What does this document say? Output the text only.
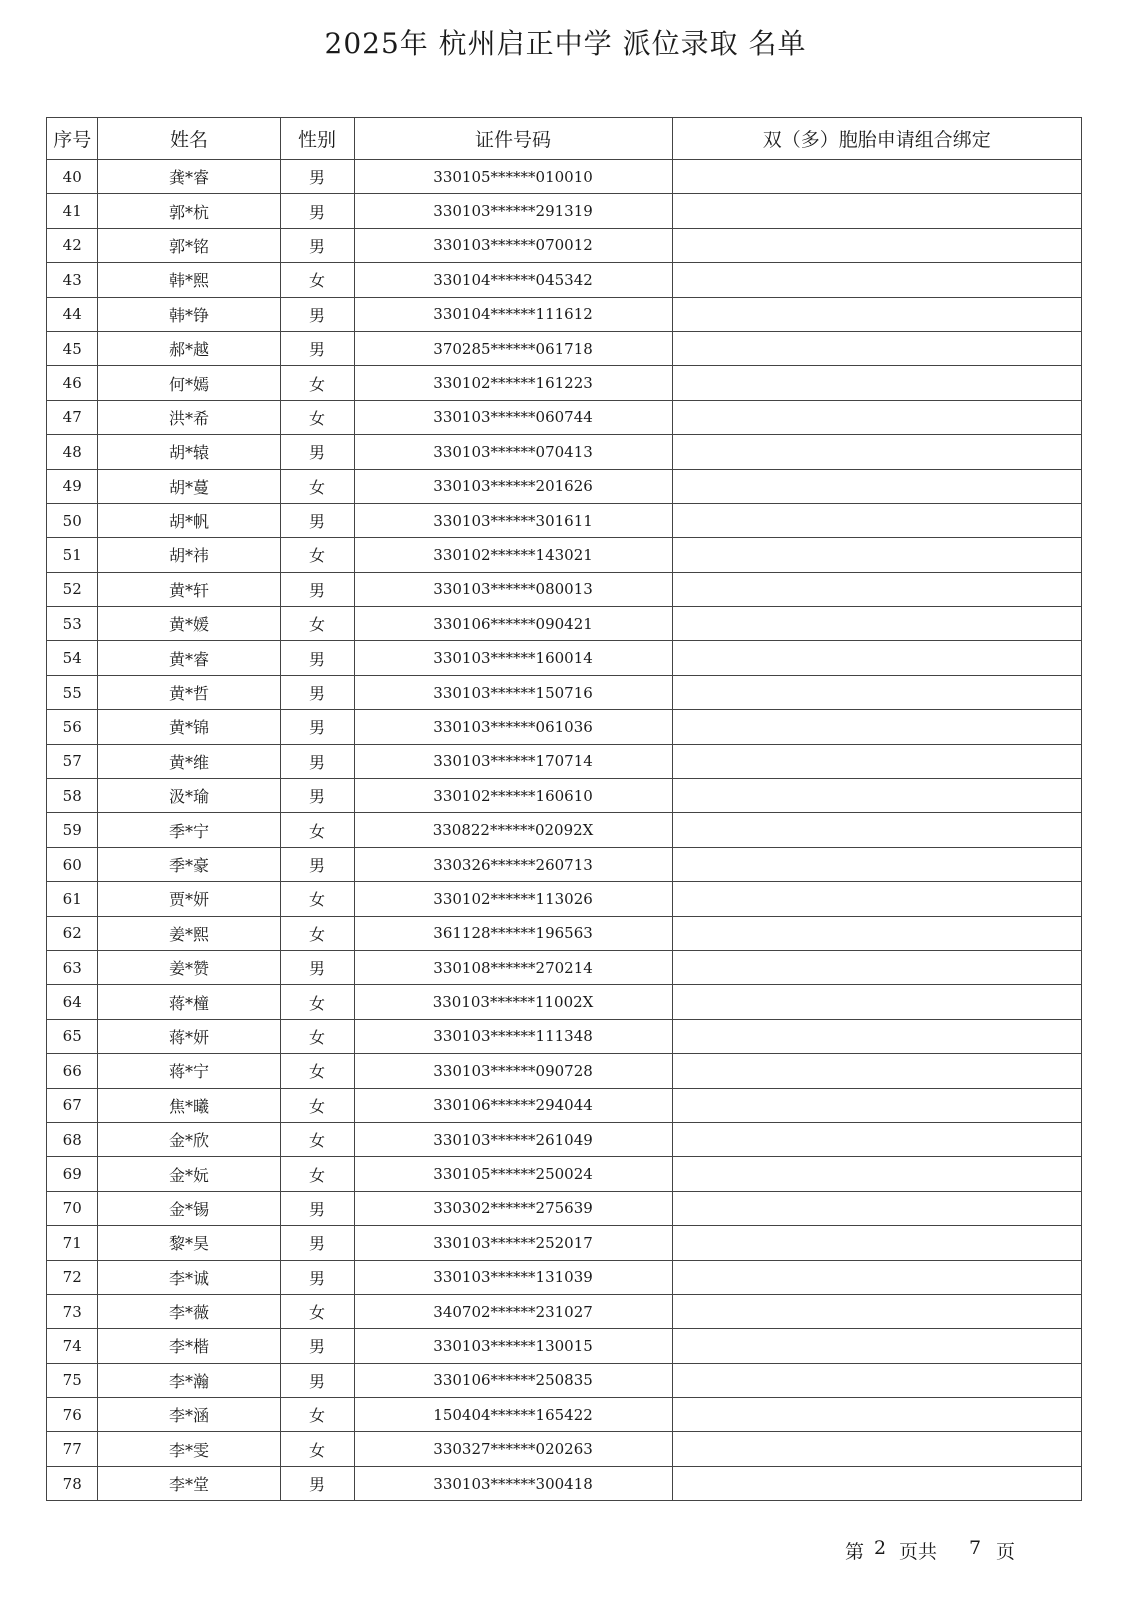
2025年 杭州启正中学 派位录取 名单
序号	姓名	性别	证件号码	双（多）胞胎申请组合绑定
40	龚*睿	男	330105******010010	
41	郭*杭	男	330103******291319	
42	郭*铭	男	330103******070012	
43	韩*熙	女	330104******045342	
44	韩*铮	男	330104******111612	
45	郝*越	男	370285******061718	
46	何*嫣	女	330102******161223	
47	洪*希	女	330103******060744	
48	胡*辕	男	330103******070413	
49	胡*蔓	女	330103******201626	
50	胡*帆	男	330103******301611	
51	胡*祎	女	330102******143021	
52	黄*轩	男	330103******080013	
53	黄*媛	女	330106******090421	
54	黄*睿	男	330103******160014	
55	黄*哲	男	330103******150716	
56	黄*锦	男	330103******061036	
57	黄*维	男	330103******170714	
58	汲*瑜	男	330102******160610	
59	季*宁	女	330822******02092X	
60	季*豪	男	330326******260713	
61	贾*妍	女	330102******113026	
62	姜*熙	女	361128******196563	
63	姜*赞	男	330108******270214	
64	蒋*橦	女	330103******11002X	
65	蒋*妍	女	330103******111348	
66	蒋*宁	女	330103******090728	
67	焦*曦	女	330106******294044	
68	金*欣	女	330103******261049	
69	金*妧	女	330105******250024	
70	金*锡	男	330302******275639	
71	黎*昊	男	330103******252017	
72	李*诚	男	330103******131039	
73	李*薇	女	340702******231027	
74	李*楷	男	330103******130015	
75	李*瀚	男	330106******250835	
76	李*涵	女	150404******165422	
77	李*雯	女	330327******020263	
78	李*堂	男	330103******300418	
第 2 页共 7 页
